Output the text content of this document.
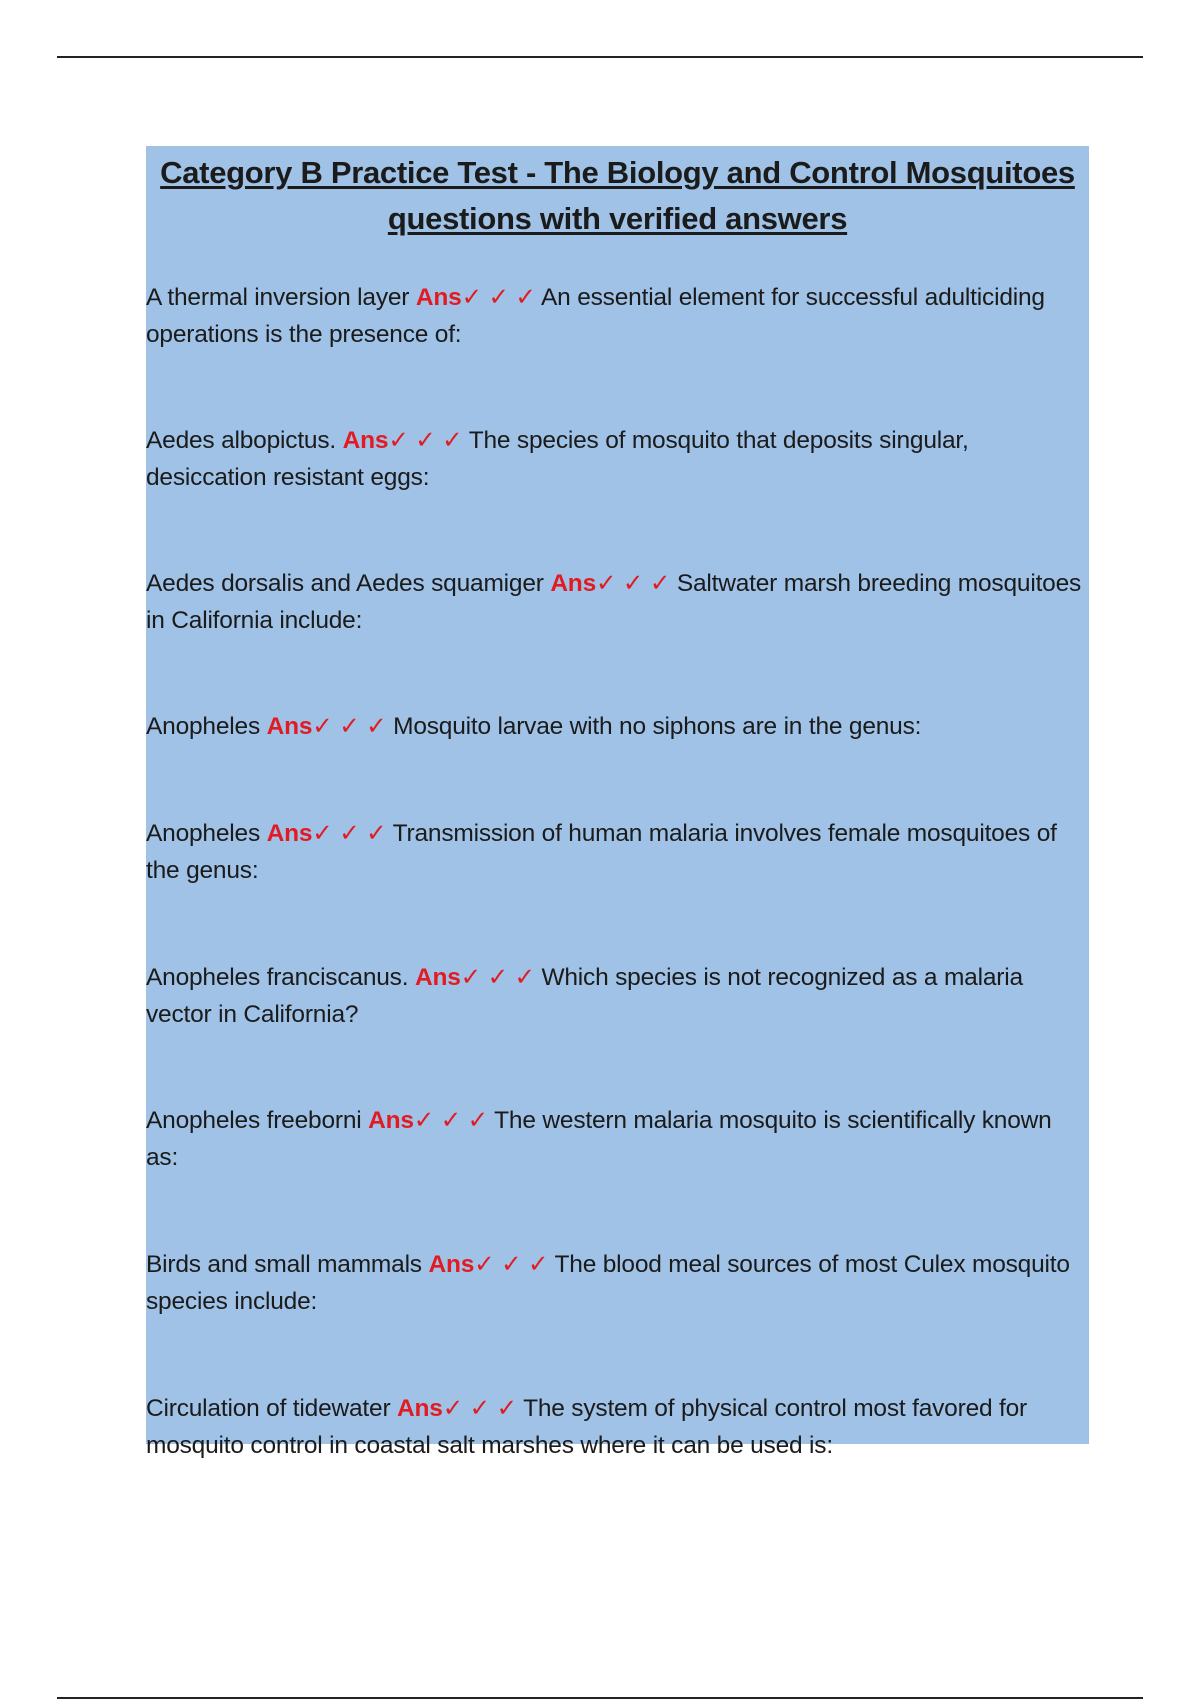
Category B Practice Test - The Biology and Control Mosquitoes questions with verified answers

A thermal inversion layer Ans✓ ✓ ✓ An essential element for successful adulticiding operations is the presence of:

Aedes albopictus. Ans✓ ✓ ✓ The species of mosquito that deposits singular, desiccation resistant eggs:

Aedes dorsalis and Aedes squamiger Ans✓ ✓ ✓ Saltwater marsh breeding mosquitoes in California include:

Anopheles Ans✓ ✓ ✓ Mosquito larvae with no siphons are in the genus:

Anopheles Ans✓ ✓ ✓ Transmission of human malaria involves female mosquitoes of the genus:

Anopheles franciscanus. Ans✓ ✓ ✓ Which species is not recognized as a malaria vector in California?

Anopheles freeborni Ans✓ ✓ ✓ The western malaria mosquito is scientifically known as:

Birds and small mammals Ans✓ ✓ ✓ The blood meal sources of most Culex mosquito species include:

Circulation of tidewater Ans✓ ✓ ✓ The system of physical control most favored for mosquito control in coastal salt marshes where it can be used is:
